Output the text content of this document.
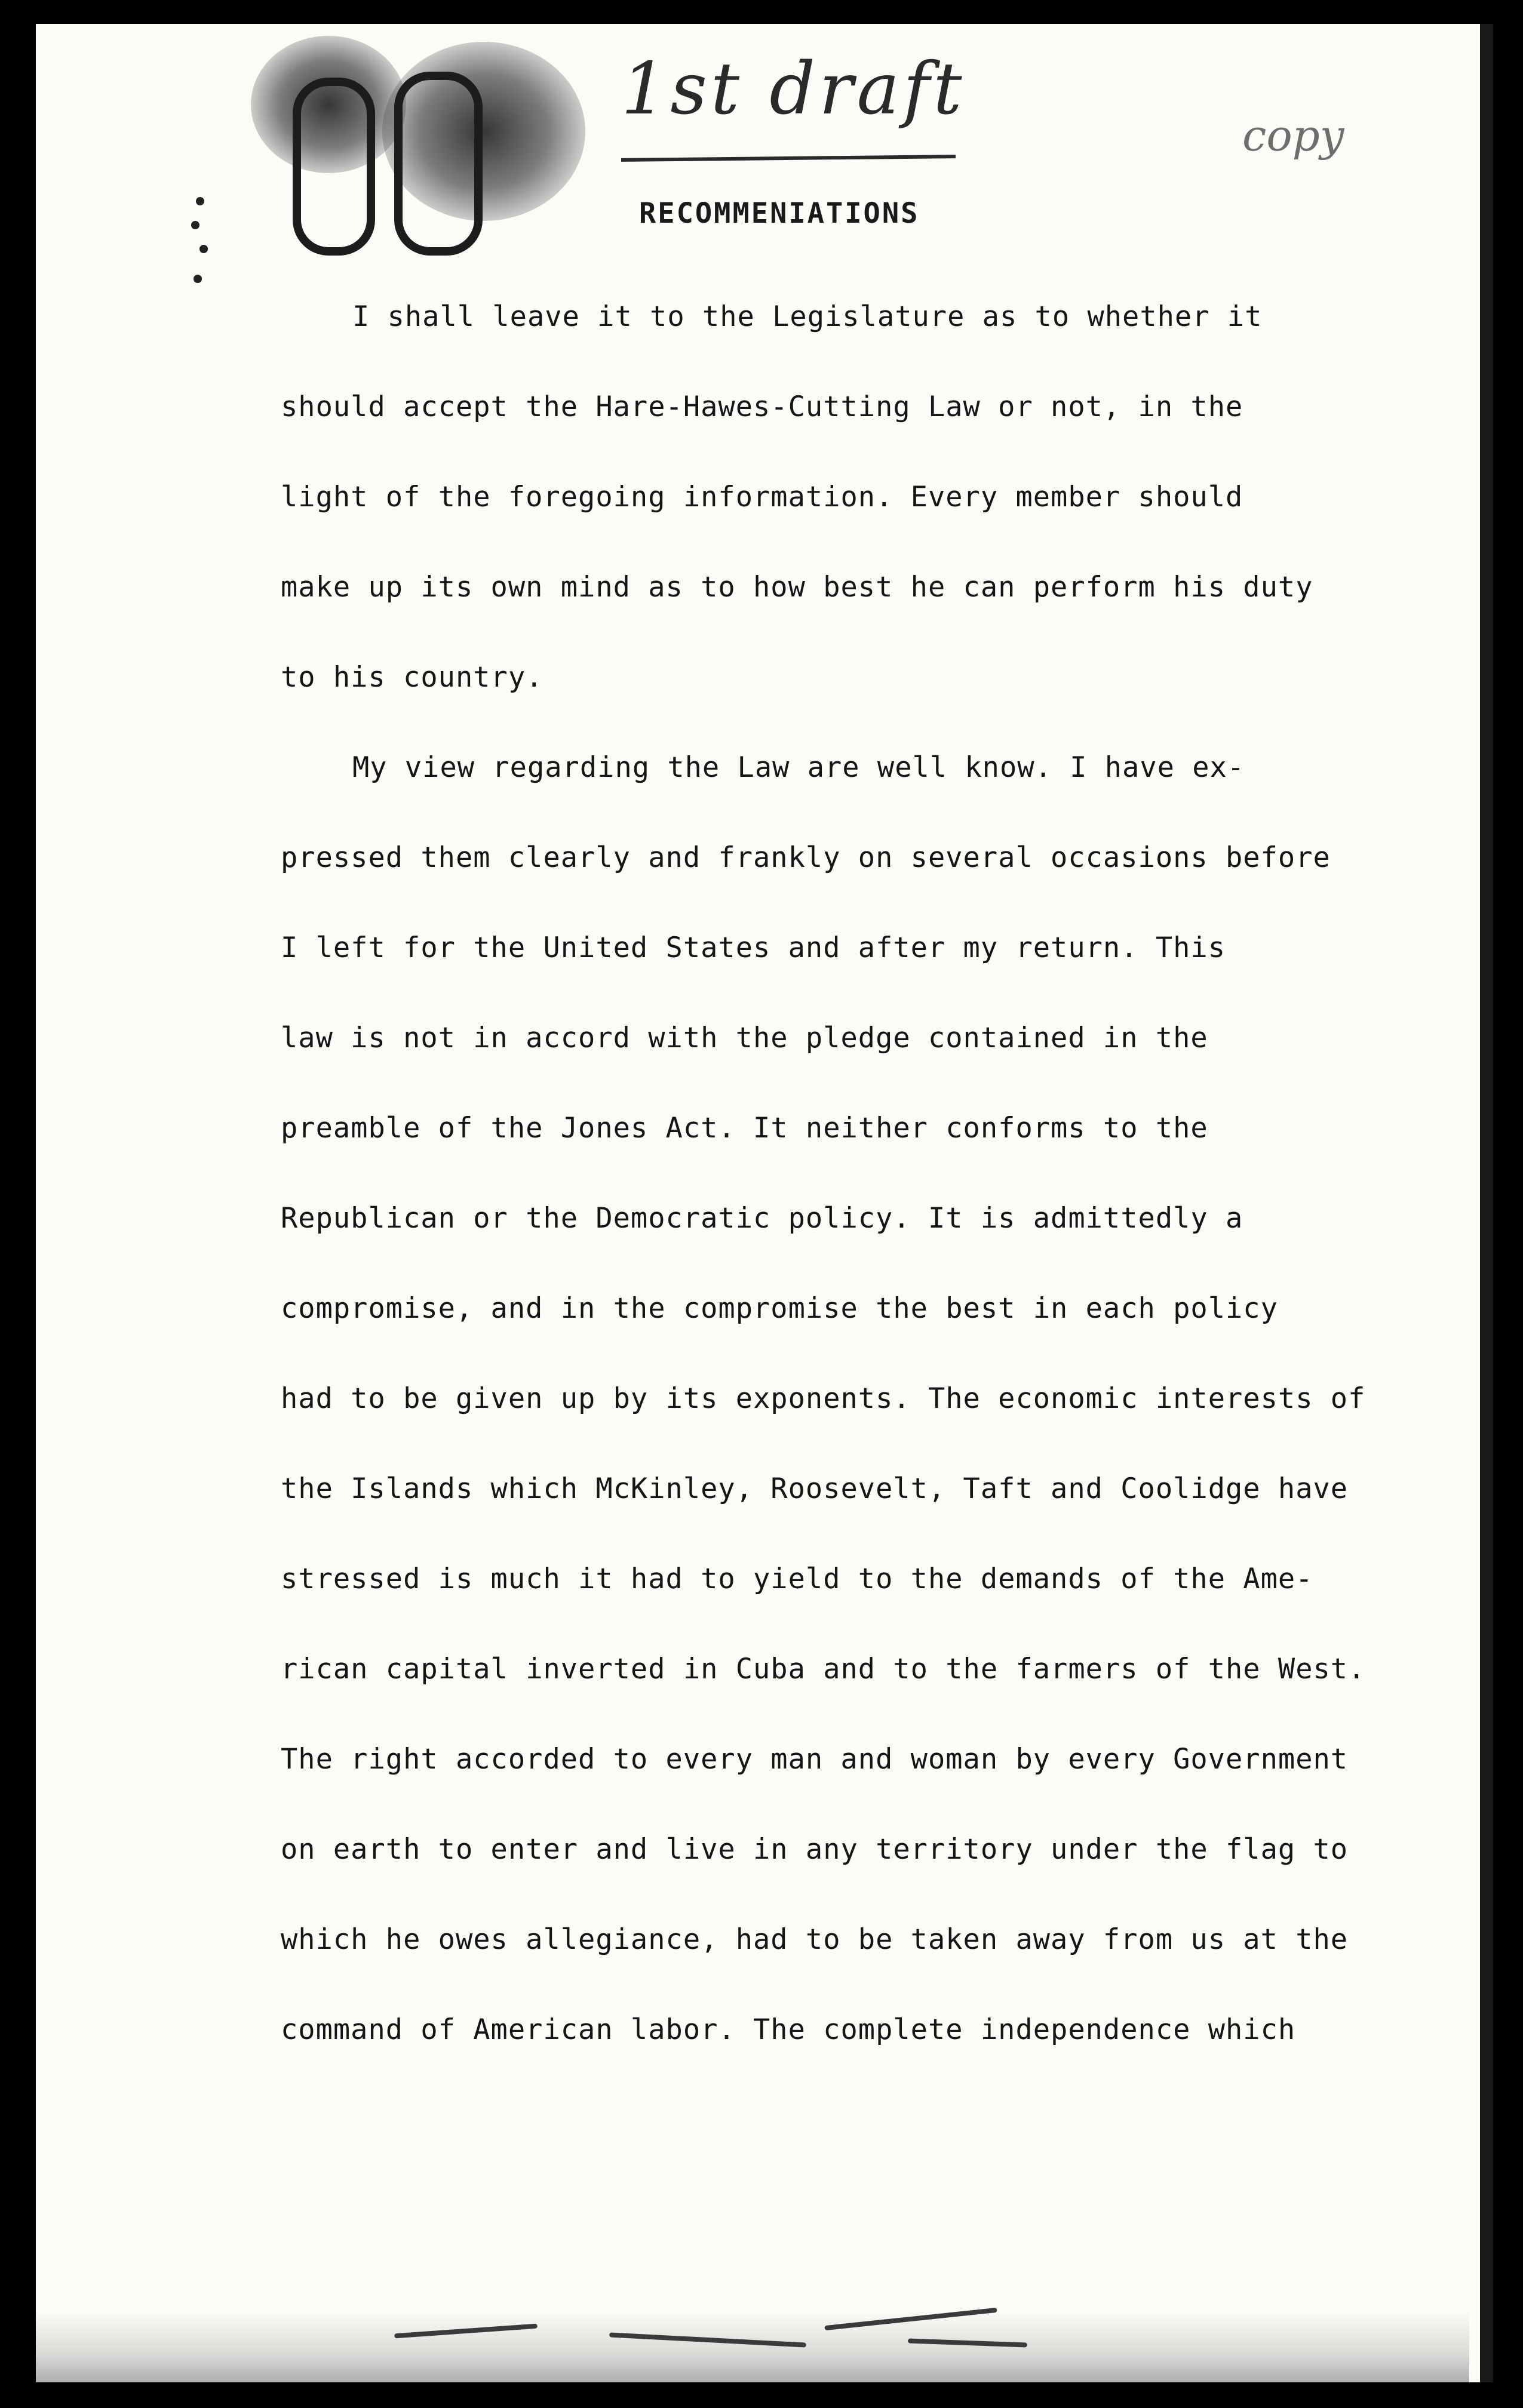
1st draft
copy
RECOMMENIATIONS
I shall leave it to the Legislature as to whether it
should accept the Hare-Hawes-Cutting Law or not, in the
light of the foregoing information. Every member should
make up its own mind as to how best he can perform his duty
to his country.
My view regarding the Law are well know. I have ex-
pressed them clearly and frankly on several occasions before
I left for the United States and after my return. This
law is not in accord with the pledge contained in the
preamble of the Jones Act. It neither conforms to the
Republican or the Democratic policy. It is admittedly a
compromise, and in the compromise the best in each policy
had to be given up by its exponents. The economic interests of
the Islands which McKinley, Roosevelt, Taft and Coolidge have
stressed is much it had to yield to the demands of the Ame-
rican capital inverted in Cuba and to the farmers of the West.
The right accorded to every man and woman by every Government
on earth to enter and live in any territory under the flag to
which he owes allegiance, had to be taken away from us at the
command of American labor. The complete independence which
